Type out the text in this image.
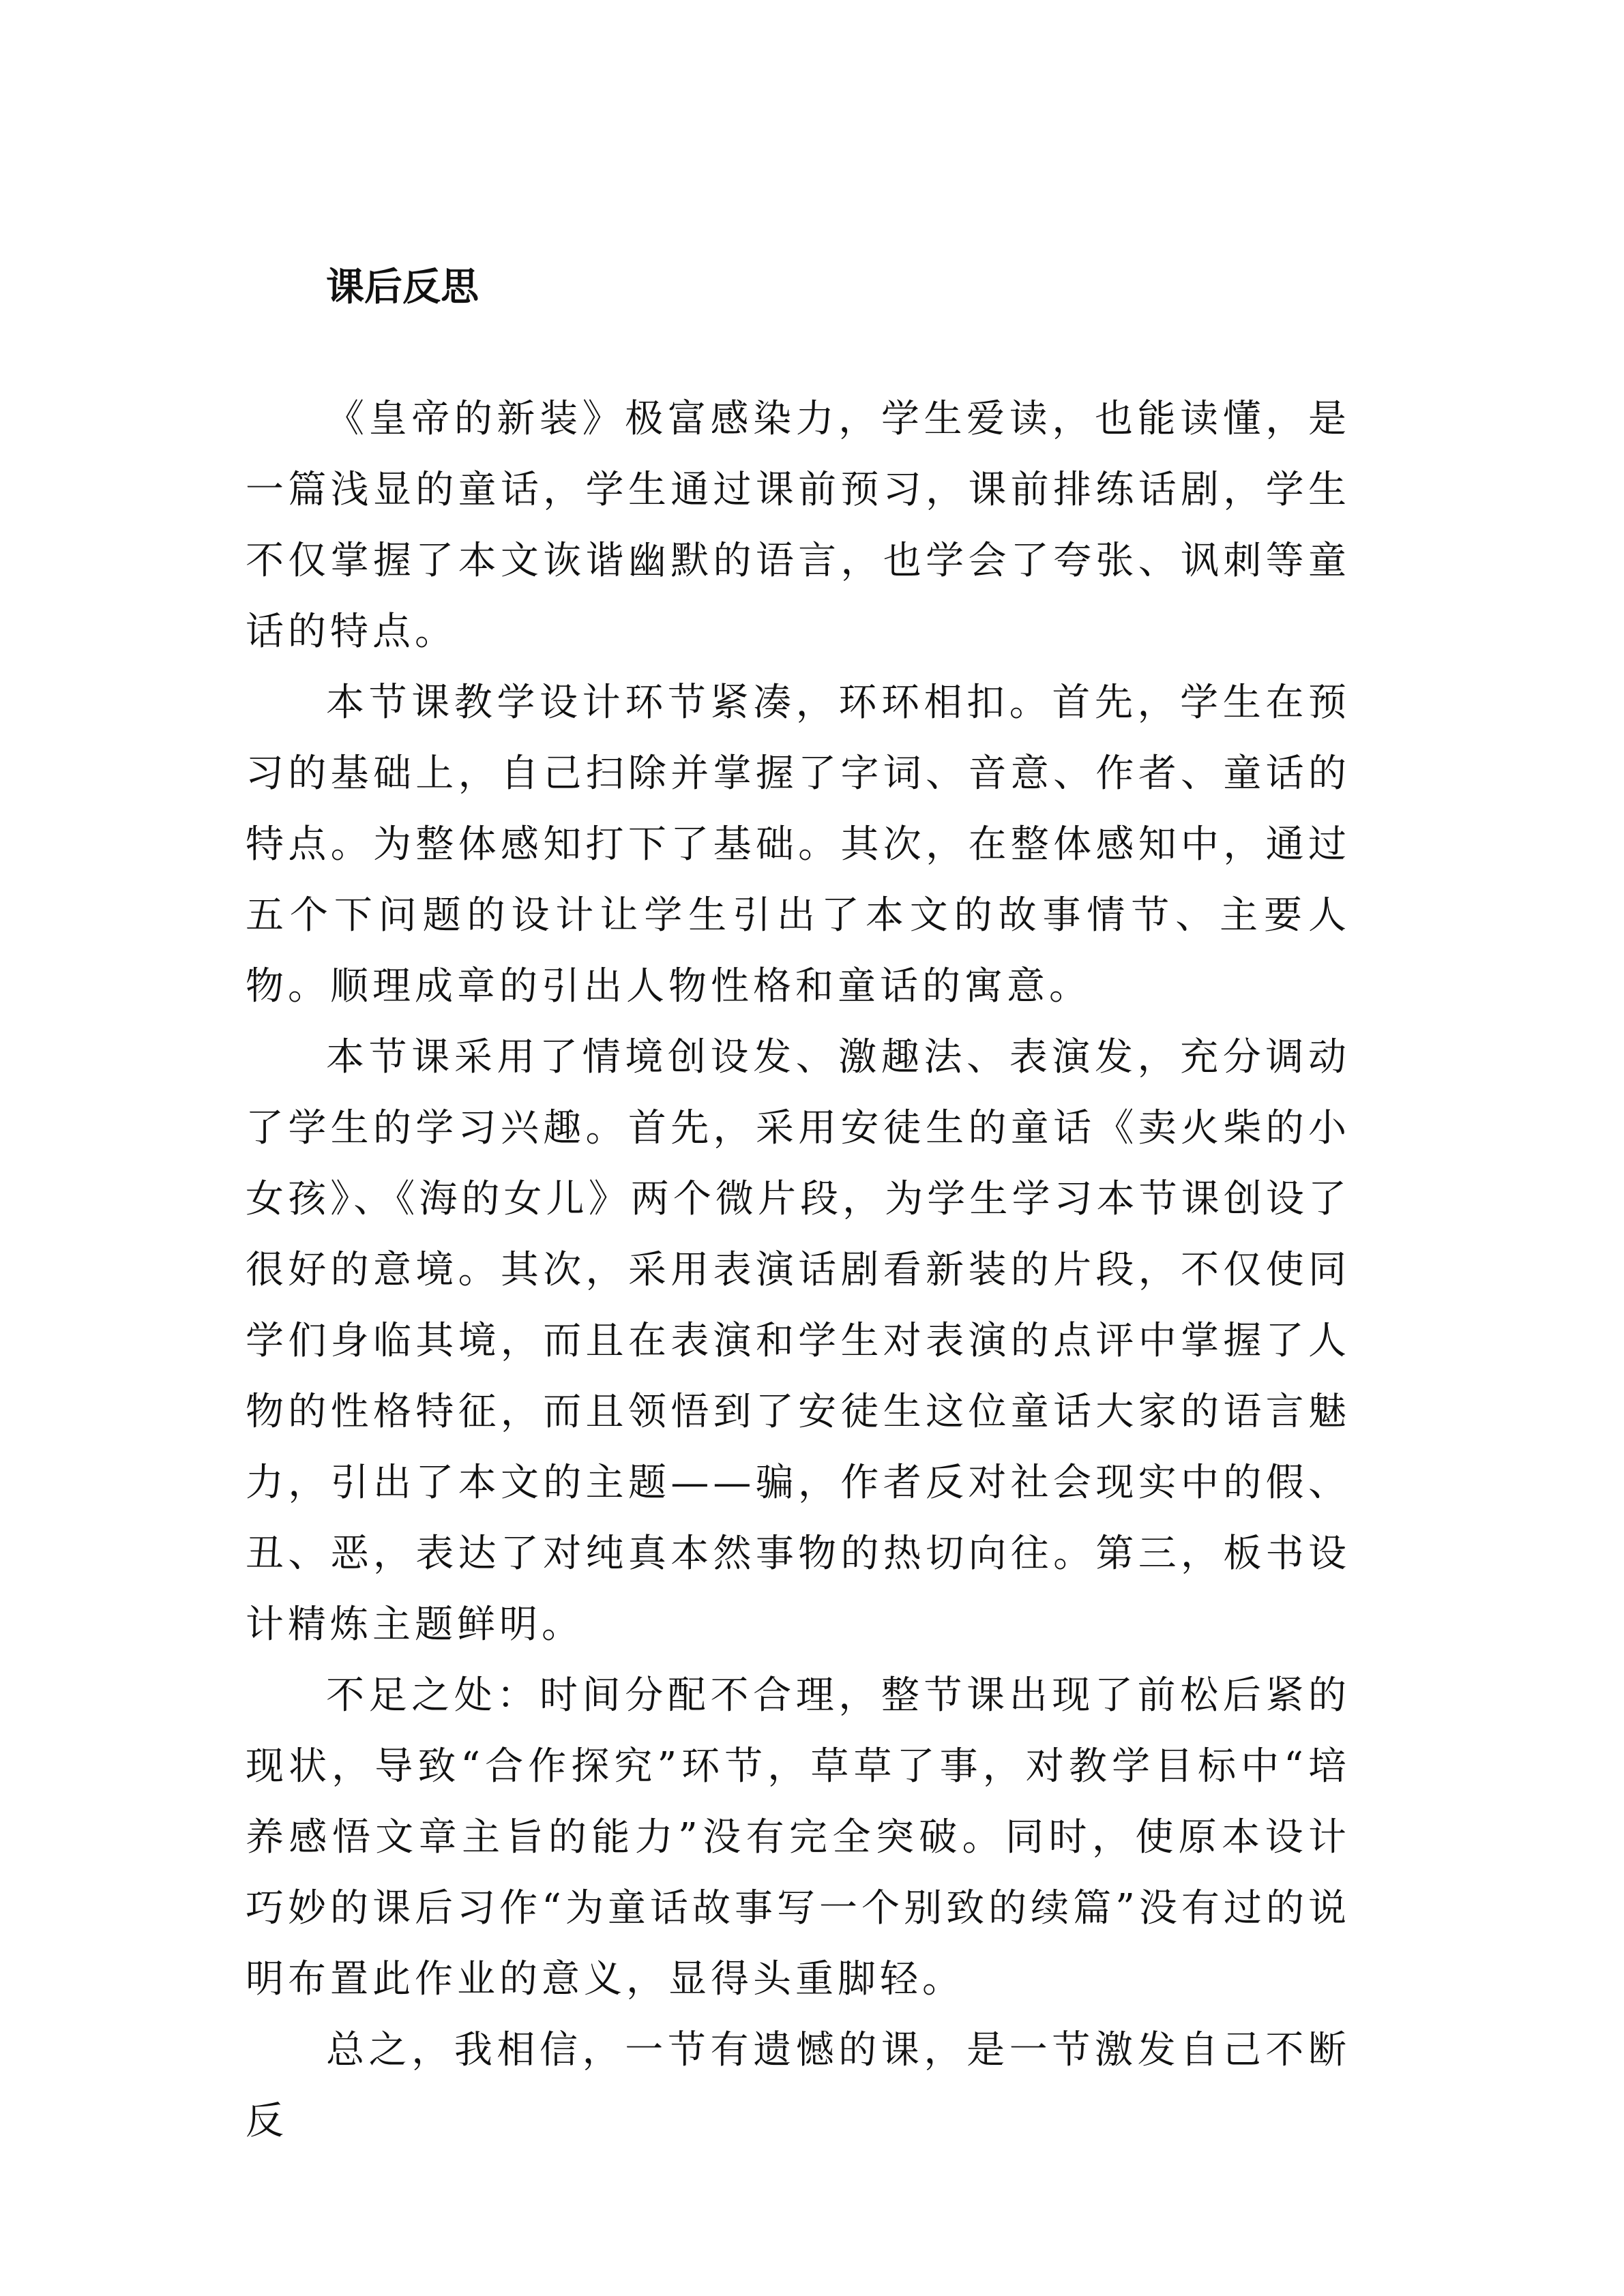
课后反思

《皇帝的新装》极富感染力，学生爱读，也能读懂，是一篇浅显的童话，学生通过课前预习，课前排练话剧，学生不仅掌握了本文诙谐幽默的语言，也学会了夸张、讽刺等童话的特点。

本节课教学设计环节紧凑，环环相扣。首先，学生在预习的基础上，自己扫除并掌握了字词、音意、作者、童话的特点。为整体感知打下了基础。其次，在整体感知中，通过五个下问题的设计让学生引出了本文的故事情节、主要人物。顺理成章的引出人物性格和童话的寓意。

本节课采用了情境创设发、激趣法、表演发，充分调动了学生的学习兴趣。首先，采用安徒生的童话《卖火柴的小女孩》、《海的女儿》两个微片段，为学生学习本节课创设了很好的意境。其次，采用表演话剧看新装的片段，不仅使同学们身临其境，而且在表演和学生对表演的点评中掌握了人物的性格特征，而且领悟到了安徒生这位童话大家的语言魅力，引出了本文的主题——骗，作者反对社会现实中的假、丑、恶，表达了对纯真本然事物的热切向往。第三，板书设计精炼主题鲜明。

不足之处：时间分配不合理，整节课出现了前松后紧的现状，导致“合作探究”环节，草草了事，对教学目标中“培养感悟文章主旨的能力”没有完全突破。同时，使原本设计巧妙的课后习作“为童话故事写一个别致的续篇”没有过的说明布置此作业的意义，显得头重脚轻。

总之，我相信，一节有遗憾的课，是一节激发自己不断反
